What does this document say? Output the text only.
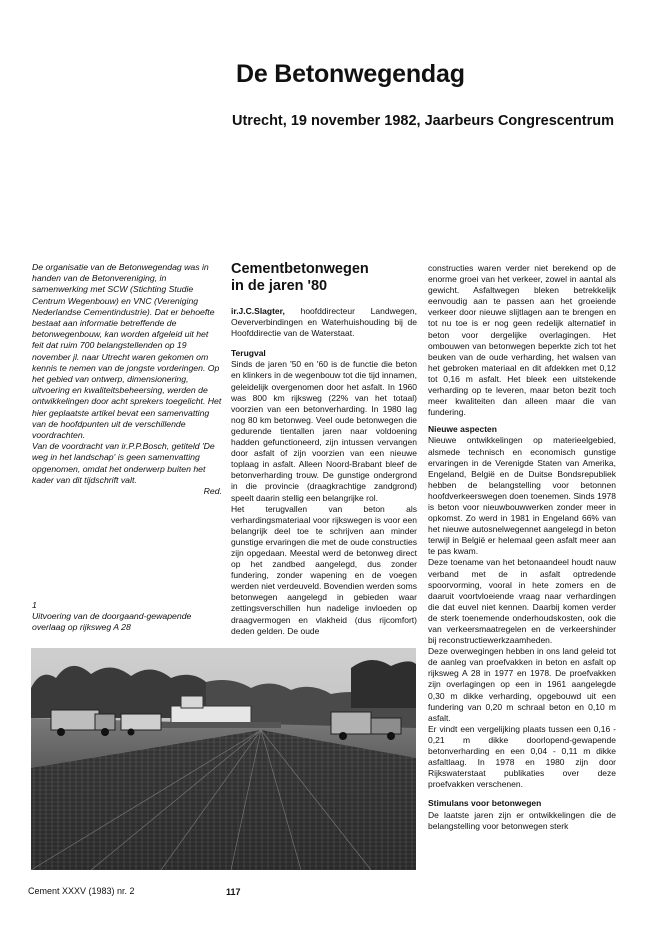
De Betonwegendag
Utrecht, 19 november 1982, Jaarbeurs Congrescentrum

De organisatie van de Betonwegendag was in handen van de Betonvereniging, in samenwerking met SCW (Stichting Studie Centrum Wegenbouw) en VNC (Vereniging Nederlandse Cementindustrie). Dat er behoefte bestaat aan informatie betreffende de betonwegenbouw, kan worden afgeleid uit het feit dat ruim 700 belangstellenden op 19 november jl. naar Utrecht waren gekomen om kennis te nemen van de jongste vorderingen. Op het gebied van ontwerp, dimensionering, uitvoering en kwaliteitsbeheersing, werden de ontwikkelingen door acht sprekers toegelicht. Het hier geplaatste artikel bevat een samenvatting van de hoofdpunten uit de verschillende voordrachten.

Van de voordracht van ir.P.P.Bosch, getiteld 'De weg in het landschap' is geen samenvatting opgenomen, omdat het onderwerp buiten het kader van dit tijdschrift valt.

Red.

Cementbetonwegen
in de jaren '80

ir.J.C.Slagter, hoofddirecteur Landwegen, Oeververbindingen en Waterhuishouding bij de Hoofddirectie van de Waterstaat.

Terugval

Sinds de jaren '50 en '60 is de functie die beton en klinkers in de wegenbouw tot die tijd innamen, geleidelijk overgenomen door het asfalt. In 1960 was 800 km rijksweg (22% van het totaal) voorzien van een betonverharding. In 1980 lag nog 80 km betonweg. Veel oude betonwegen die gedurende tientallen jaren naar voldoening hadden gefunctioneerd, zijn intussen vervangen door asfalt of zijn voorzien van een nieuwe toplaag in asfalt. Alleen Noord-Brabant bleef de betonverharding trouw. De gunstige ondergrond in die provincie (draagkrachtige zandgrond) speelt daarin stellig een belangrijke rol.

Het terugvallen van beton als verhardingsmateriaal voor rijkswegen is voor een belangrijk deel toe te schrijven aan minder gunstige ervaringen die met de oude constructies zijn opgedaan. Meestal werd de betonweg direct op het zandbed aangelegd, dus zonder fundering, zonder wapening en de voegen werden niet verdeuveld. Bovendien werden soms betonwegen aangelegd in gebieden waar zettingsverschillen hun nadelige invloeden op draagvermogen en vlakheid (dus rijcomfort) deden gelden. De oude

constructies waren verder niet berekend op de enorme groei van het verkeer, zowel in aantal als gewicht. Asfaltwegen bleken betrekkelijk eenvoudig aan te passen aan het groeiende verkeer door nieuwe slijtlagen aan te brengen en tot nu toe is er nog geen redelijk alternatief in beton voor dergelijke overlagingen. Het ombouwen van betonwegen beperkte zich tot het beuken van de oude verharding, het walsen van het gebroken materiaal en dit afdekken met 0,12 tot 0,16 m asfalt. Het bleek een uitstekende verharding op te leveren, maar beton bezit toch meer kwaliteiten dan alleen maar die van fundering.

Nieuwe aspecten

Nieuwe ontwikkelingen op materieelgebied, alsmede technisch en economisch gunstige ervaringen in de Verenigde Staten van Amerika, Engeland, België en de Duitse Bondsrepubliek hebben de belangstelling voor betonnen hoofdverkeerswegen doen toenemen. Sinds 1978 is beton voor nieuwbouwwerken zonder meer in opkomst. Zo werd in 1981 in Engeland 66% van het nieuwe autosnelwegennet aangelegd in beton terwijl in België er helemaal geen asfalt meer aan te pas kwam.

Deze toename van het betonaandeel houdt nauw verband met de in asfalt optredende spoorvorming, vooral in hete zomers en de daaruit voortvloeiende vraag naar verhardingen die dat euvel niet kennen. Daarbij komen verder de sterk toenemende onderhoudskosten, ook die van verkeersmaatregelen en de verkeershinder bij reconstructiewerkzaamheden.

Deze overwegingen hebben in ons land geleid tot de aanleg van proefvakken in beton en asfalt op rijksweg A 28 in 1977 en 1978. De proefvakken zijn overlagingen op een in 1961 aangelegde 0,30 m dikke verharding, opgebouwd uit een fundering van 0,20 m schraal beton en 0,10 m asfalt.

Er vindt een vergelijking plaats tussen een 0,16 - 0,21 m dikke doorlopend-gewapende betonverharding en een 0,04 - 0,11 m dikke asfaltlaag. In 1978 en 1980 zijn door Rijkswaterstaat publikaties over deze proefvakken verschenen.

Stimulans voor betonwegen

De laatste jaren zijn er ontwikkelingen die de belangstelling voor betonwegen sterk

1

Uitvoering van de doorgaand-gewapende overlaag op rijksweg A 28

Cement XXXV (1983) nr. 2	117
